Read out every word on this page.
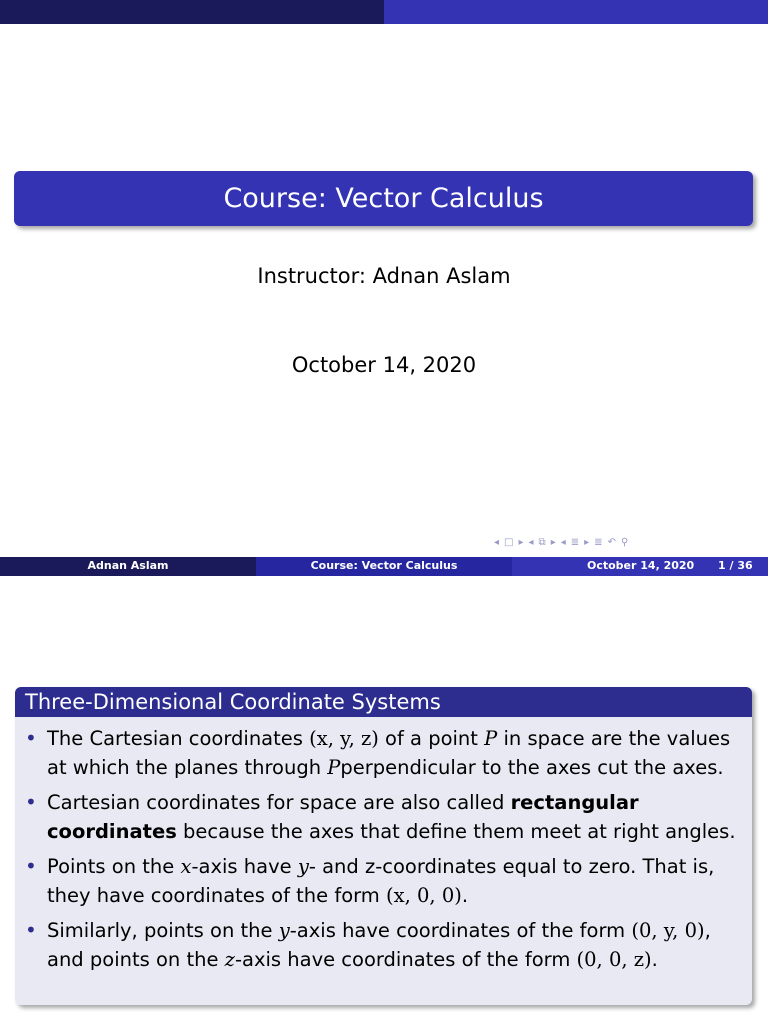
Course: Vector Calculus
Instructor: Adnan Aslam
October 14, 2020
◂ □ ▸ ◂ ⧉ ▸ ◂ ≣ ▸ ≣ ↶ ⚲
Adnan Aslam	Course: Vector Calculus	October 14, 2020 1 / 36
Three-Dimensional Coordinate Systems
• The Cartesian coordinates (x, y, z) of a point P in space are the values at which the planes through Pperpendicular to the axes cut the axes.
• Cartesian coordinates for space are also called rectangular coordinates because the axes that define them meet at right angles.
• Points on the x-axis have y- and z-coordinates equal to zero. That is, they have coordinates of the form (x, 0, 0).
• Similarly, points on the y-axis have coordinates of the form (0, y, 0), and points on the z-axis have coordinates of the form (0, 0, z).
